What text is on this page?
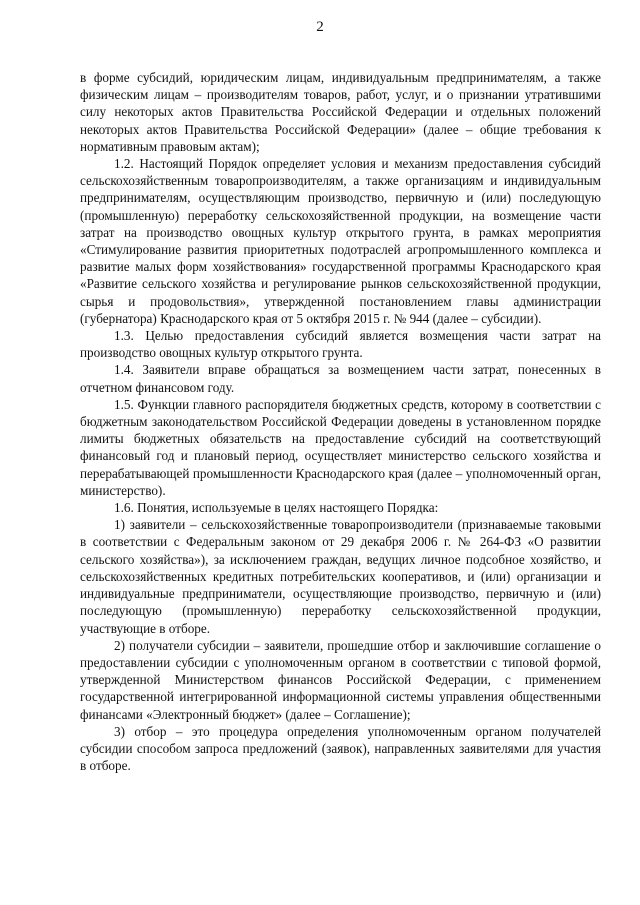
2

в форме субсидий, юридическим лицам, индивидуальным предпринимателям, а также физическим лицам – производителям товаров, работ, услуг, и о признании утратившими силу некоторых актов Правительства Российской Федерации и отдельных положений некоторых актов Правительства Российской Федерации» (далее – общие требования к нормативным правовым актам);

1.2. Настоящий Порядок определяет условия и механизм предоставления субсидий сельскохозяйственным товаропроизводителям, а также организациям и индивидуальным предпринимателям, осуществляющим производство, первичную и (или) последующую (промышленную) переработку сельскохозяйственной продукции, на возмещение части затрат на производство овощных культур открытого грунта, в рамках мероприятия «Стимулирование развития приоритетных подотраслей агропромышленного комплекса и развитие малых форм хозяйствования» государственной программы Краснодарского края «Развитие сельского хозяйства и регулирование рынков сельскохозяйственной продукции, сырья и продовольствия», утвержденной постановлением главы администрации (губернатора) Краснодарского края от 5 октября 2015 г. № 944 (далее – субсидии).

1.3. Целью предоставления субсидий является возмещения части затрат на производство овощных культур открытого грунта.

1.4. Заявители вправе обращаться за возмещением части затрат, понесенных в отчетном финансовом году.

1.5. Функции главного распорядителя бюджетных средств, которому в соответствии с бюджетным законодательством Российской Федерации доведены в установленном порядке лимиты бюджетных обязательств на предоставление субсидий на соответствующий финансовый год и плановый период, осуществляет министерство сельского хозяйства и перерабатывающей промышленности Краснодарского края (далее – уполномоченный орган, министерство).

1.6. Понятия, используемые в целях настоящего Порядка:

1) заявители – сельскохозяйственные товаропроизводители (признаваемые таковыми в соответствии с Федеральным законом от 29 декабря 2006 г. № 264-ФЗ «О развитии сельского хозяйства»), за исключением граждан, ведущих личное подсобное хозяйство, и сельскохозяйственных кредитных потребительских кооперативов, и (или) организации и индивидуальные предприниматели, осуществляющие производство, первичную и (или) последующую (промышленную) переработку сельскохозяйственной продукции, участвующие в отборе.

2) получатели субсидии – заявители, прошедшие отбор и заключившие соглашение о предоставлении субсидии с уполномоченным органом в соответствии с типовой формой, утвержденной Министерством финансов Российской Федерации, с применением государственной интегрированной информационной системы управления общественными финансами «Электронный бюджет» (далее – Соглашение);

3) отбор – это процедура определения уполномоченным органом получателей субсидии способом запроса предложений (заявок), направленных заявителями для участия в отборе.
